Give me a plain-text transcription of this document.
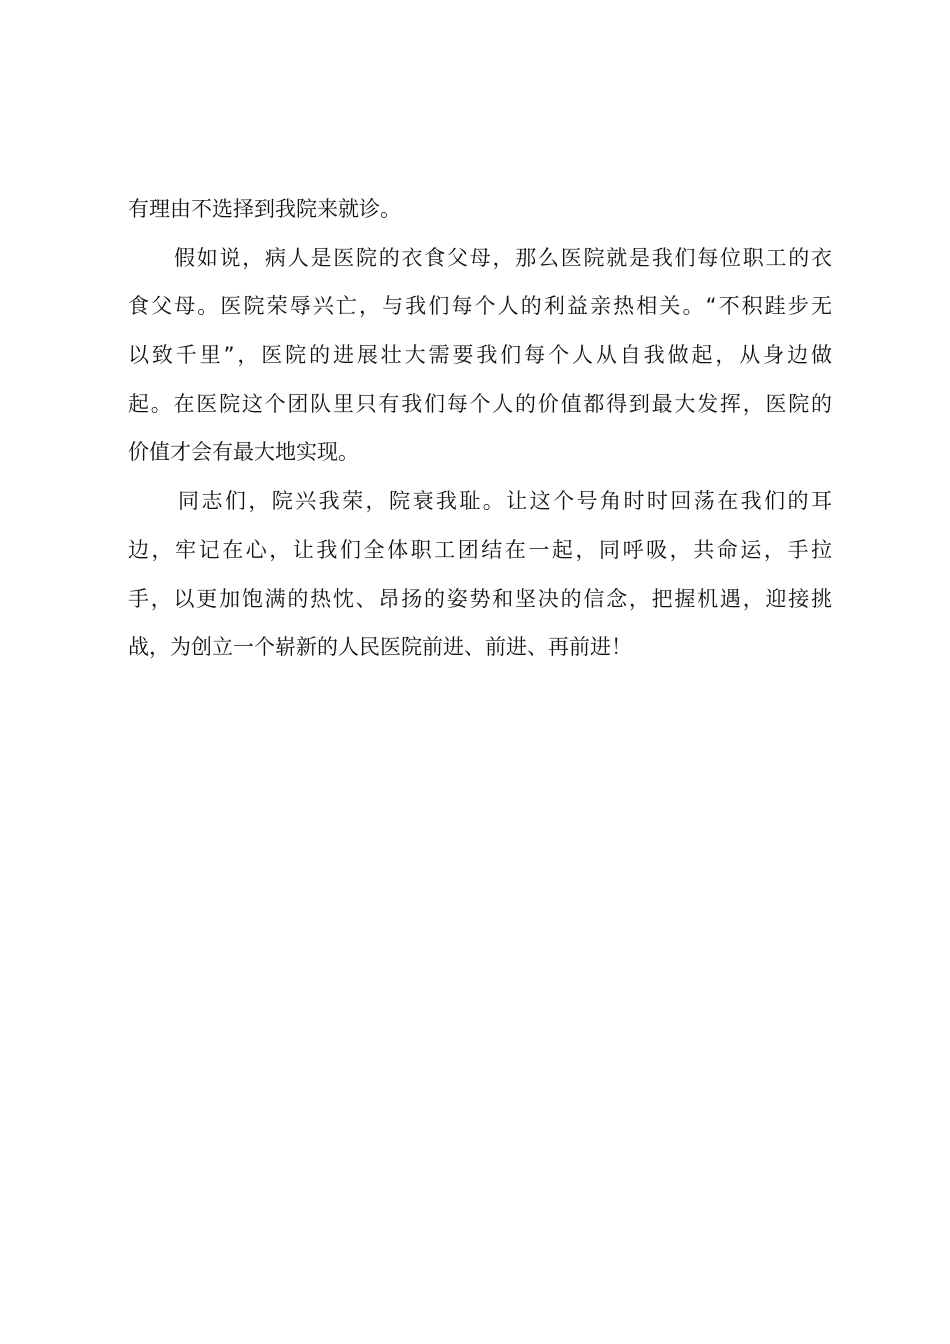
有理由不选择到我院来就诊。
假如说，病人是医院的衣食父母，那么医院就是我们每位职工的衣
食父母。医院荣辱兴亡，与我们每个人的利益亲热相关。“不积跬步无
以致千里”，医院的进展壮大需要我们每个人从自我做起，从身边做
起。在医院这个团队里只有我们每个人的价值都得到最大发挥，医院的
价值才会有最大地实现。
同志们，院兴我荣，院衰我耻。让这个号角时时回荡在我们的耳
边，牢记在心，让我们全体职工团结在一起，同呼吸，共命运，手拉
手，以更加饱满的热忱、昂扬的姿势和坚决的信念，把握机遇，迎接挑
战，为创立一个崭新的人民医院前进、前进、再前进！
